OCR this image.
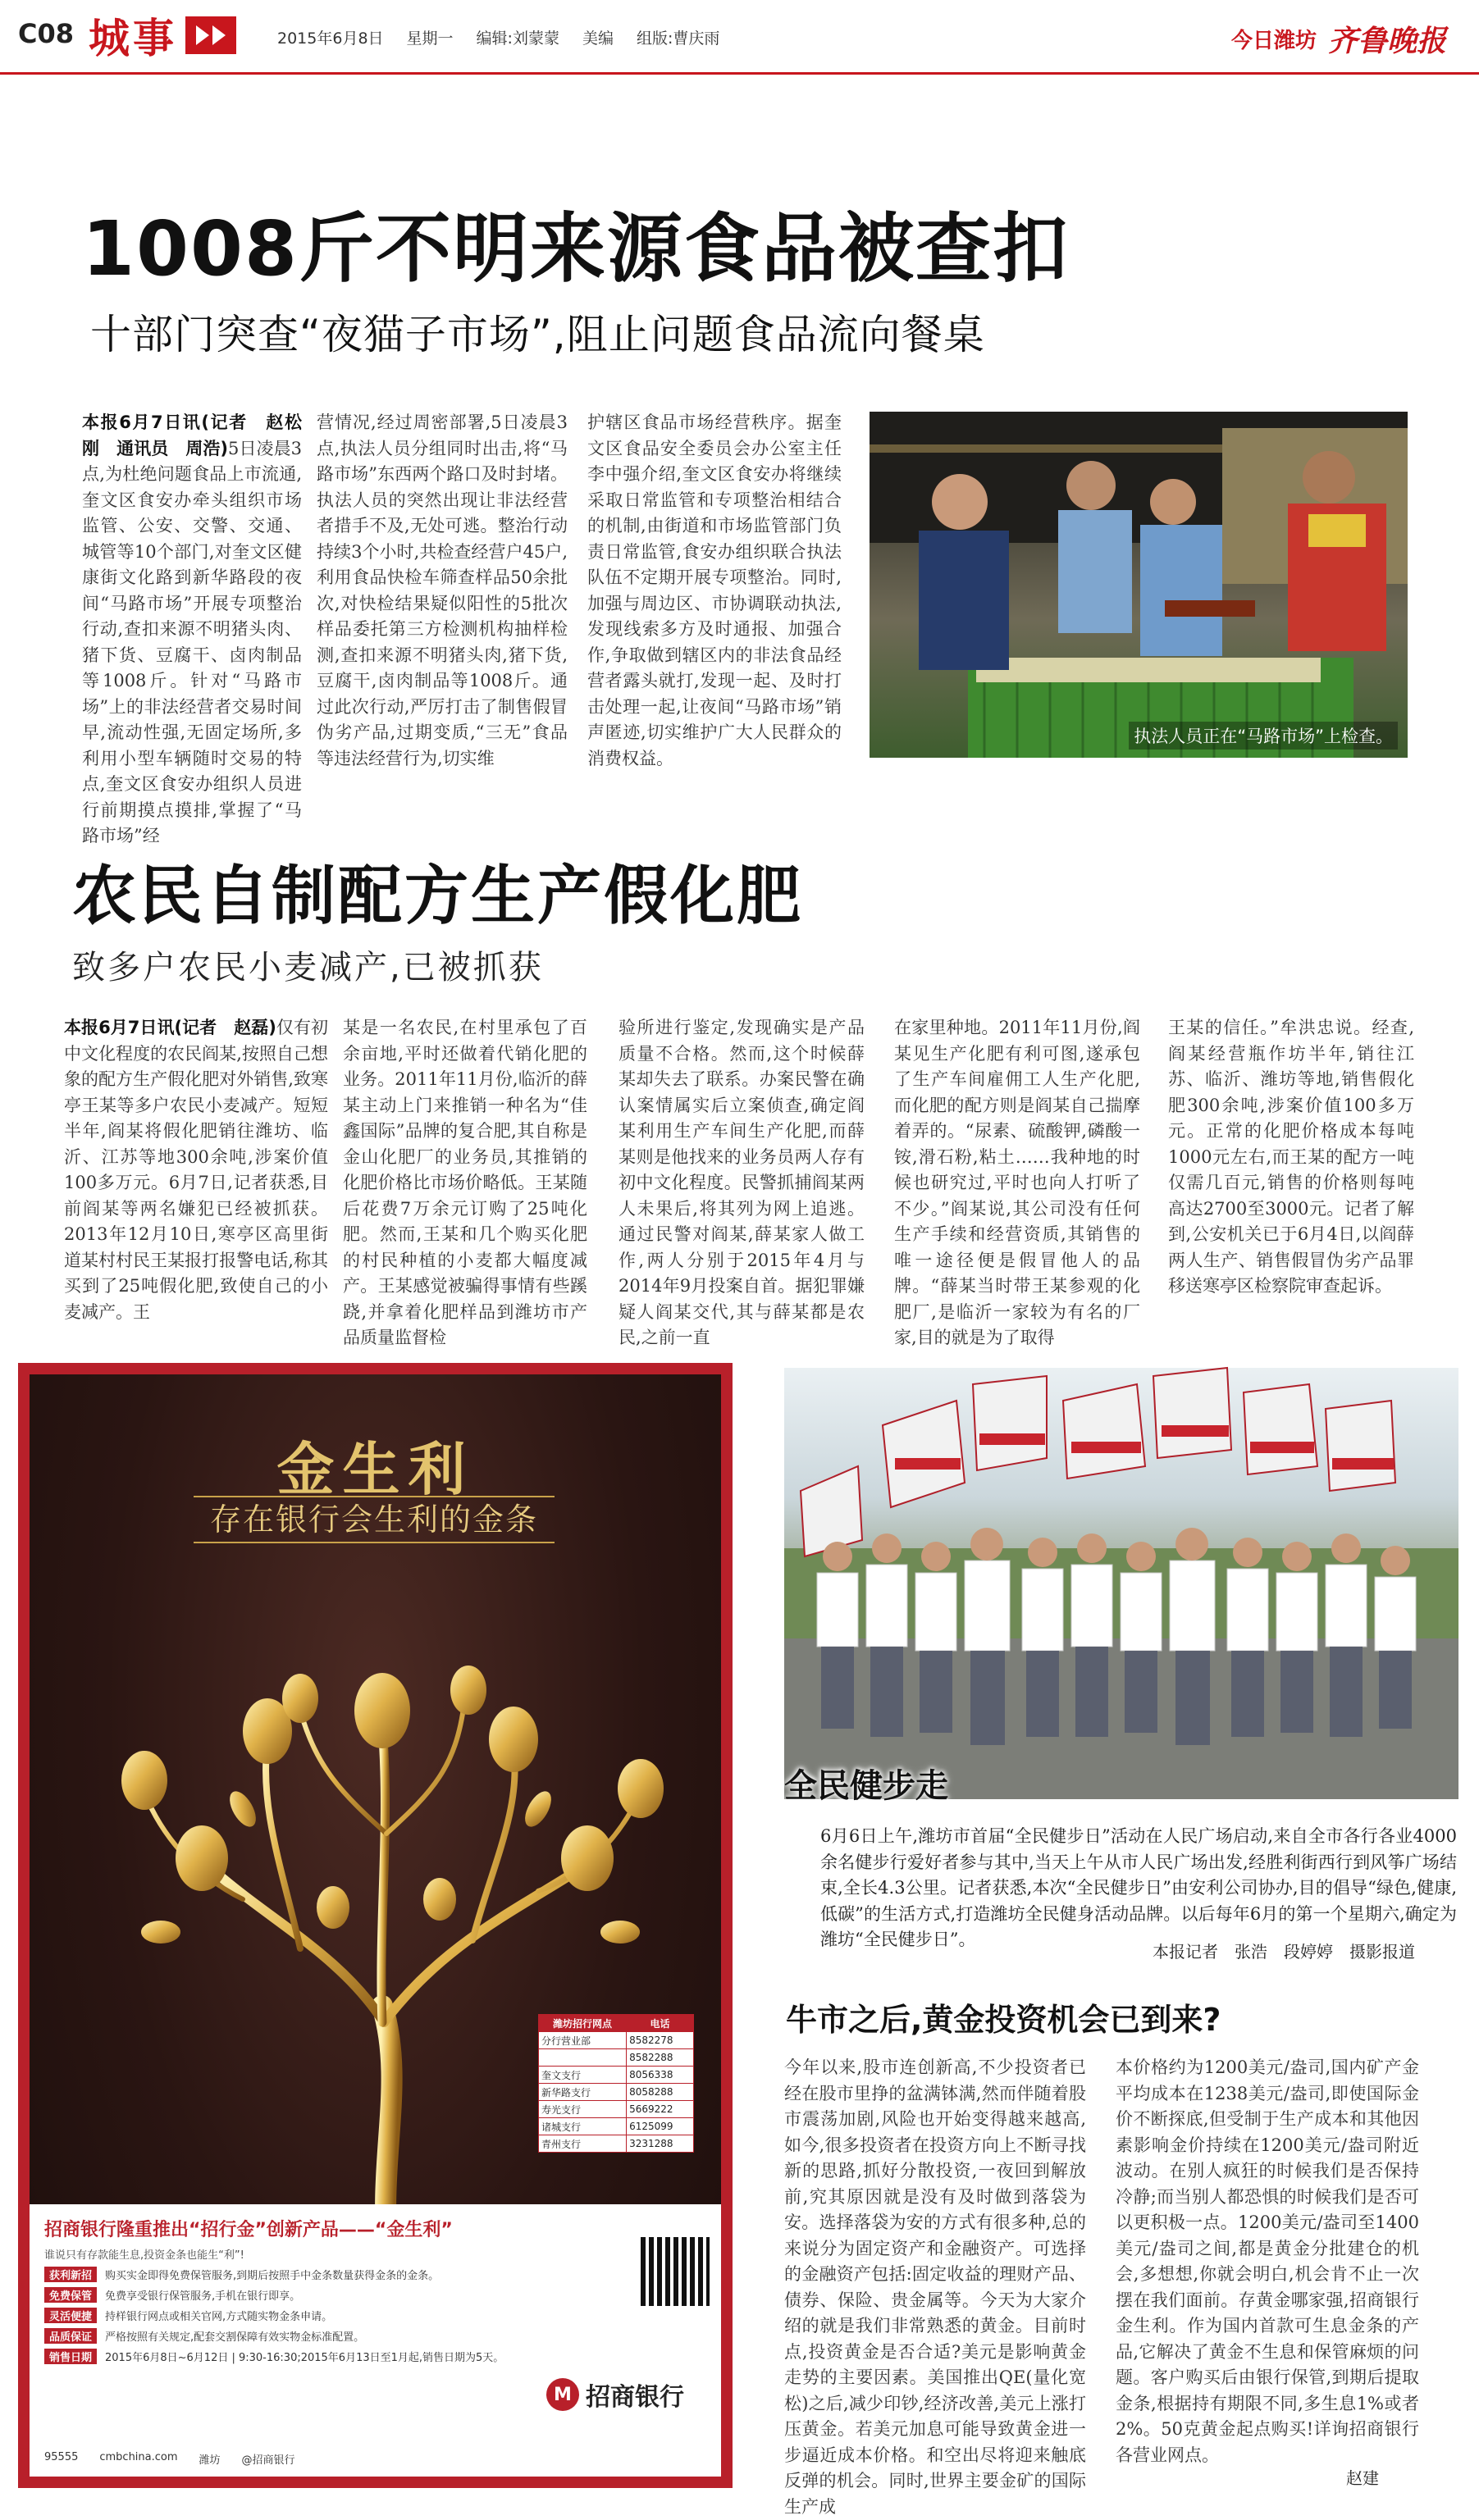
C08 城事	2015年6月8日 星期一 编辑:刘蒙蒙 美编 组版:曹庆雨	今日潍坊 齐鲁晚报
1008斤不明来源食品被查扣
十部门突查“夜猫子市场”,阻止问题食品流向餐桌
本报6月7日讯(记者　赵松刚　通讯员　周浩)5日凌晨3点,为杜绝问题食品上市流通,奎文区食安办牵头组织市场监管、公安、交警、交通、城管等10个部门,对奎文区健康街文化路到新华路段的夜间“马路市场”开展专项整治行动,查扣来源不明猪头肉、猪下货、豆腐干、卤肉制品等1008斤。针对“马路市场”上的非法经营者交易时间早,流动性强,无固定场所,多利用小型车辆随时交易的特点,奎文区食安办组织人员进行前期摸点摸排,掌握了“马路市场”经
营情况,经过周密部署,5日凌晨3点,执法人员分组同时出击,将“马路市场”东西两个路口及时封堵。执法人员的突然出现让非法经营者措手不及,无处可逃。整治行动持续3个小时,共检查经营户45户,利用食品快检车筛查样品50余批次,对快检结果疑似阳性的5批次样品委托第三方检测机构抽样检测,查扣来源不明猪头肉,猪下货,豆腐干,卤肉制品等1008斤。通过此次行动,严厉打击了制售假冒伪劣产品,过期变质,“三无”食品等违法经营行为,切实维
护辖区食品市场经营秩序。据奎文区食品安全委员会办公室主任李中强介绍,奎文区食安办将继续采取日常监管和专项整治相结合的机制,由街道和市场监管部门负责日常监管,食安办组织联合执法队伍不定期开展专项整治。同时,加强与周边区、市协调联动执法,发现线索多方及时通报、加强合作,争取做到辖区内的非法食品经营者露头就打,发现一起、及时打击处理一起,让夜间“马路市场”销声匿迹,切实维护广大人民群众的消费权益。
执法人员正在“马路市场”上检查。
农民自制配方生产假化肥
致多户农民小麦减产,已被抓获
本报6月7日讯(记者　赵磊)仅有初中文化程度的农民阎某,按照自己想象的配方生产假化肥对外销售,致寒亭王某等多户农民小麦减产。短短半年,阎某将假化肥销往潍坊、临沂、江苏等地300余吨,涉案价值100多万元。6月7日,记者获悉,目前阎某等两名嫌犯已经被抓获。2013年12月10日,寒亭区高里街道某村村民王某报打报警电话,称其买到了25吨假化肥,致使自己的小麦减产。王
某是一名农民,在村里承包了百余亩地,平时还做着代销化肥的业务。2011年11月份,临沂的薛某主动上门来推销一种名为“佳鑫国际”品牌的复合肥,其自称是金山化肥厂的业务员,其推销的化肥价格比市场价略低。王某随后花费7万余元订购了25吨化肥。然而,王某和几个购买化肥的村民种植的小麦都大幅度减产。王某感觉被骗得事情有些蹊跷,并拿着化肥样品到潍坊市产品质量监督检
验所进行鉴定,发现确实是产品质量不合格。然而,这个时候薛某却失去了联系。办案民警在确认案情属实后立案侦查,确定阎某利用生产车间生产化肥,而薛某则是他找来的业务员两人存有初中文化程度。民警抓捕阎某两人未果后,将其列为网上追逃。通过民警对阎某,薛某家人做工作,两人分别于2015年4月与2014年9月投案自首。据犯罪嫌疑人阎某交代,其与薛某都是农民,之前一直
在家里种地。2011年11月份,阎某见生产化肥有利可图,遂承包了生产车间雇佣工人生产化肥,而化肥的配方则是阎某自己揣摩着弄的。“尿素、硫酸钾,磷酸一铵,滑石粉,粘土……我种地的时候也研究过,平时也向人打听了不少。”阎某说,其公司没有任何生产手续和经营资质,其销售的唯一途径便是假冒他人的品牌。“薛某当时带王某参观的化肥厂,是临沂一家较为有名的厂家,目的就是为了取得
王某的信任。”牟洪忠说。经查,阎某经营瓶作坊半年,销往江苏、临沂、潍坊等地,销售假化肥300余吨,涉案价值100多万元。正常的化肥价格成本每吨1000元左右,而王某的配方一吨仅需几百元,销售的价格则每吨高达2700至3000元。记者了解到,公安机关已于6月4日,以阎薛两人生产、销售假冒伪劣产品罪移送寒亭区检察院审查起诉。
金生利
存在银行会生利的金条
潍坊招行网点	电话
分行营业部	8582278
	8582288
奎文支行	8056338
新华路支行	8058288
寿光支行	5669222
诸城支行	6125099
青州支行	3231288
招商银行隆重推出“招行金”创新产品——“金生利”
谁说只有存款能生息,投资金条也能生“利”!
获利新招	购买实金即得免费保管服务,到期后按照手中金条数量获得金条的金条。
免费保管	免费享受银行保管服务,手机在银行即享。
灵活便捷	持样银行网点或相关官网,方式随实物金条申请。
品质保证	严格按照有关规定,配套交割保障有效实物金标准配置。
销售日期	2015年6月8日~6月12日 | 9:30-16:30;2015年6月13日至1月起,销售日期为5天。
M 招商银行
95555 cmbchina.com 潍坊 @招商银行
全民健步走
6月6日上午,潍坊市首届“全民健步日”活动在人民广场启动,来自全市各行各业4000余名健步行爱好者参与其中,当天上午从市人民广场出发,经胜利街西行到风筝广场结束,全长4.3公里。记者获悉,本次“全民健步日”由安利公司协办,目的倡导“绿色,健康,低碳”的生活方式,打造潍坊全民健身活动品牌。以后每年6月的第一个星期六,确定为潍坊“全民健步日”。
本报记者　张浩　段婷婷　摄影报道
牛市之后,黄金投资机会已到来?
今年以来,股市连创新高,不少投资者已经在股市里挣的盆满钵满,然而伴随着股市震荡加剧,风险也开始变得越来越高,如今,很多投资者在投资方向上不断寻找新的思路,抓好分散投资,一夜回到解放前,究其原因就是没有及时做到落袋为安。选择落袋为安的方式有很多种,总的来说分为固定资产和金融资产。可选择的金融资产包括:固定收益的理财产品、债券、保险、贵金属等。今天为大家介绍的就是我们非常熟悉的黄金。目前时点,投资黄金是否合适?美元是影响黄金走势的主要因素。美国推出QE(量化宽松)之后,减少印钞,经济改善,美元上涨打压黄金。若美元加息可能导致黄金进一步逼近成本价格。和空出尽将迎来触底反弹的机会。同时,世界主要金矿的国际生产成
本价格约为1200美元/盎司,国内矿产金平均成本在1238美元/盎司,即使国际金价不断探底,但受制于生产成本和其他因素影响金价持续在1200美元/盎司附近波动。在别人疯狂的时候我们是否保持冷静;而当别人都恐惧的时候我们是否可以更积极一点。1200美元/盎司至1400美元/盎司之间,都是黄金分批建仓的机会,多想想,你就会明白,机会肯不止一次摆在我们面前。存黄金哪家强,招商银行金生利。作为国内首款可生息金条的产品,它解决了黄金不生息和保管麻烦的问题。客户购买后由银行保管,到期后提取金条,根据持有期限不同,多生息1%或者2%。50克黄金起点购买!详询招商银行各营业网点。
赵建
